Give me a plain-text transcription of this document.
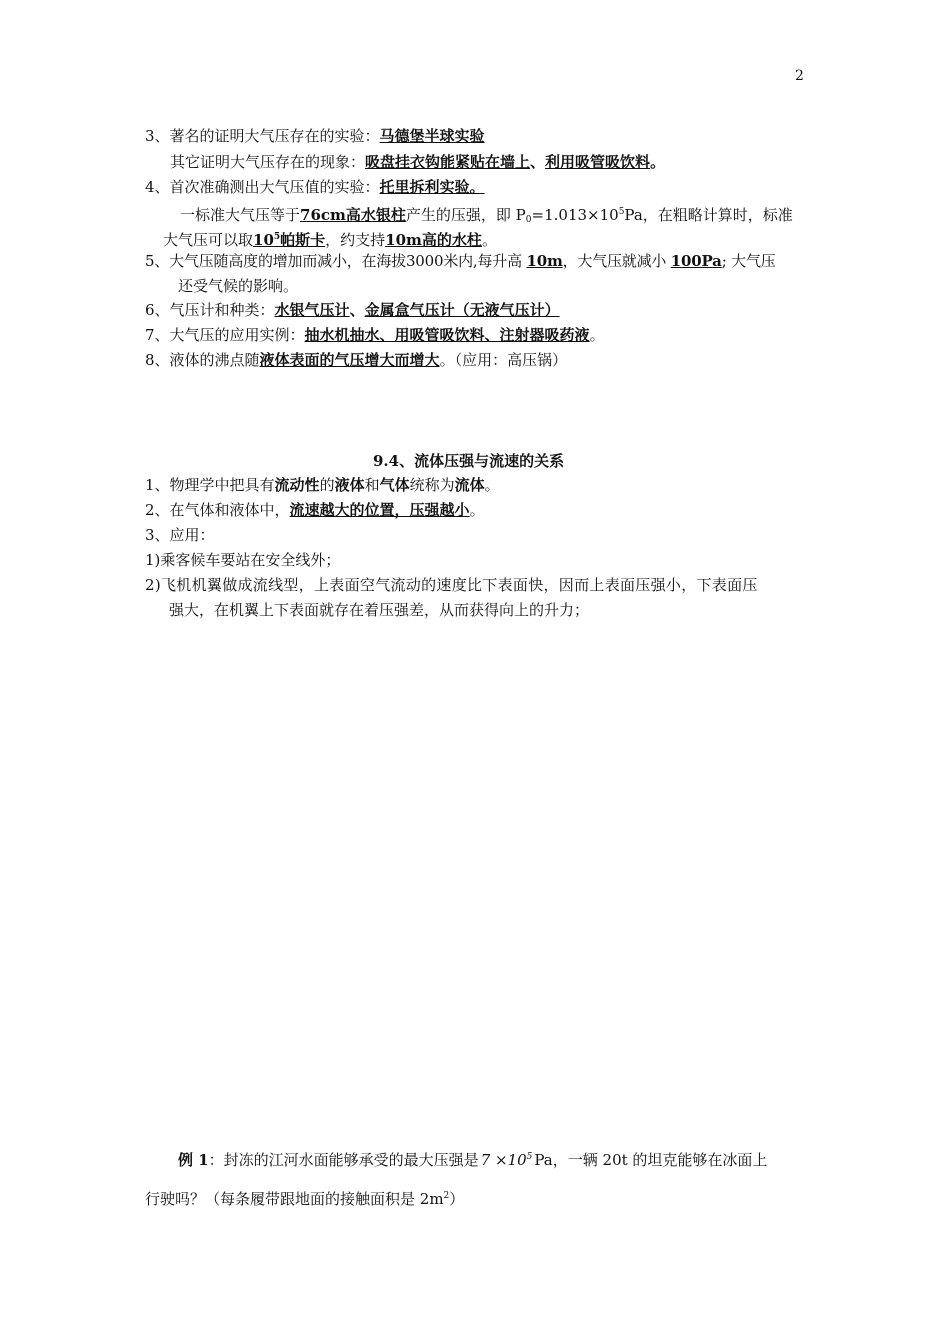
2
3、著名的证明大气压存在的实验：马德堡半球实验
其它证明大气压存在的现象：吸盘挂衣钩能紧贴在墙上、利用吸管吸饮料。
4、首次准确测出大气压值的实验：托里拆利实验。
一标准大气压等于76cm高水银柱产生的压强，即 $P_0=1.013\times 10^5Pa$，在粗略计算时，标准
大气压可以取$10^5$帕斯卡，约支持10m高的水柱。
5、大气压随高度的增加而减小，在海拔3000米内,每升高 10m，大气压就减小 100Pa; 大气压
还受气候的影响。
6、气压计和种类：水银气压计、金属盒气压计（无液气压计）
7、大气压的应用实例：抽水机抽水、用吸管吸饮料、注射器吸药液。
8、液体的沸点随液体表面的气压增大而增大。（应用：高压锅）
9.4、流体压强与流速的关系
1、物理学中把具有流动性的液体和气体统称为流体。
2、在气体和液体中，流速越大的位置，压强越小。
3、应用：
1)乘客候车要站在安全线外；
2)飞机机翼做成流线型，上表面空气流动的速度比下表面快，因而上表面压强小，下表面压
强大，在机翼上下表面就存在着压强差，从而获得向上的升力；
例 1：封冻的江河水面能够承受的最大压强是 $7 \times 10^5$ Pa，一辆 20t 的坦克能够在冰面上
行驶吗？（每条履带跟地面的接触面积是 $2m^2$）
